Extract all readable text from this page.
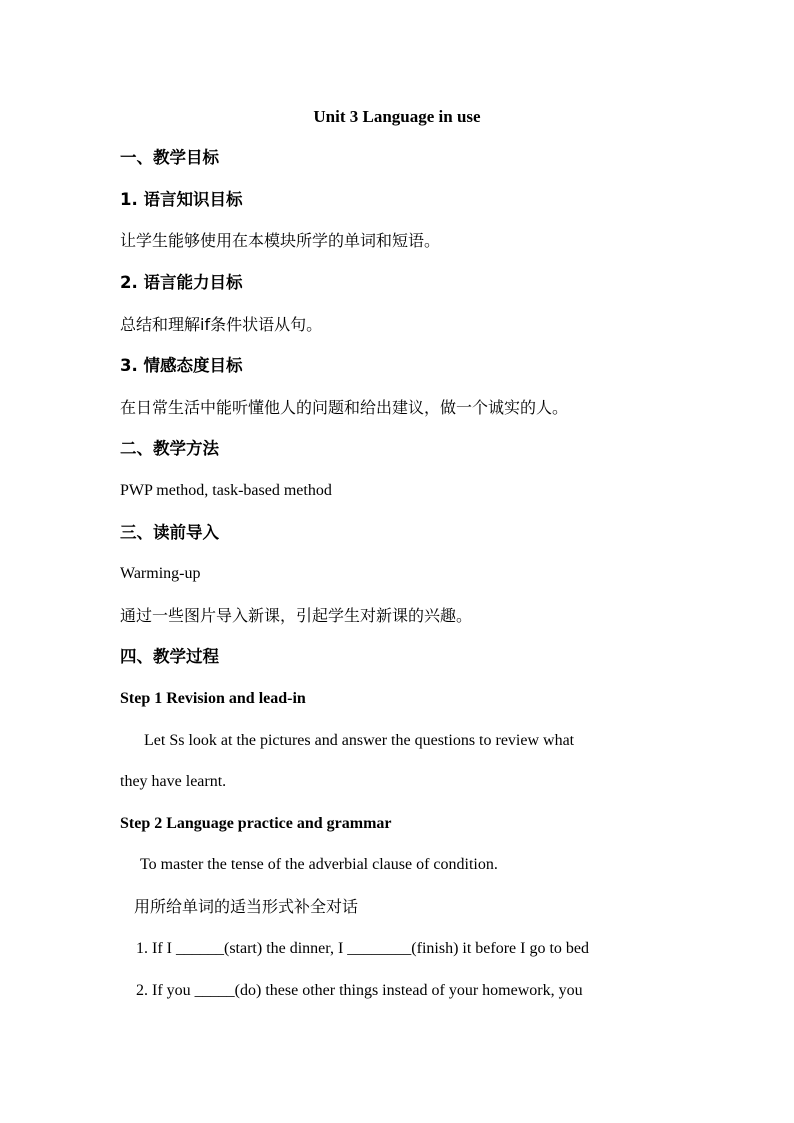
Unit 3 Language in use
一、教学目标
1. 语言知识目标
让学生能够使用在本模块所学的单词和短语。
2. 语言能力目标
总结和理解if条件状语从句。
3. 情感态度目标
在日常生活中能听懂他人的问题和给出建议，做一个诚实的人。
二、教学方法
PWP method, task-based method
三、读前导入
Warming-up
通过一些图片导入新课，引起学生对新课的兴趣。
四、教学过程
Step 1 Revision and lead-in
Let Ss look at the pictures and answer the questions to review what
they have learnt.
Step 2 Language practice and grammar
To master the tense of the adverbial clause of condition.
用所给单词的适当形式补全对话
1. If I ______(start) the dinner, I ________(finish) it before I go to bed
2. If you _____(do) these other things instead of your homework, you
